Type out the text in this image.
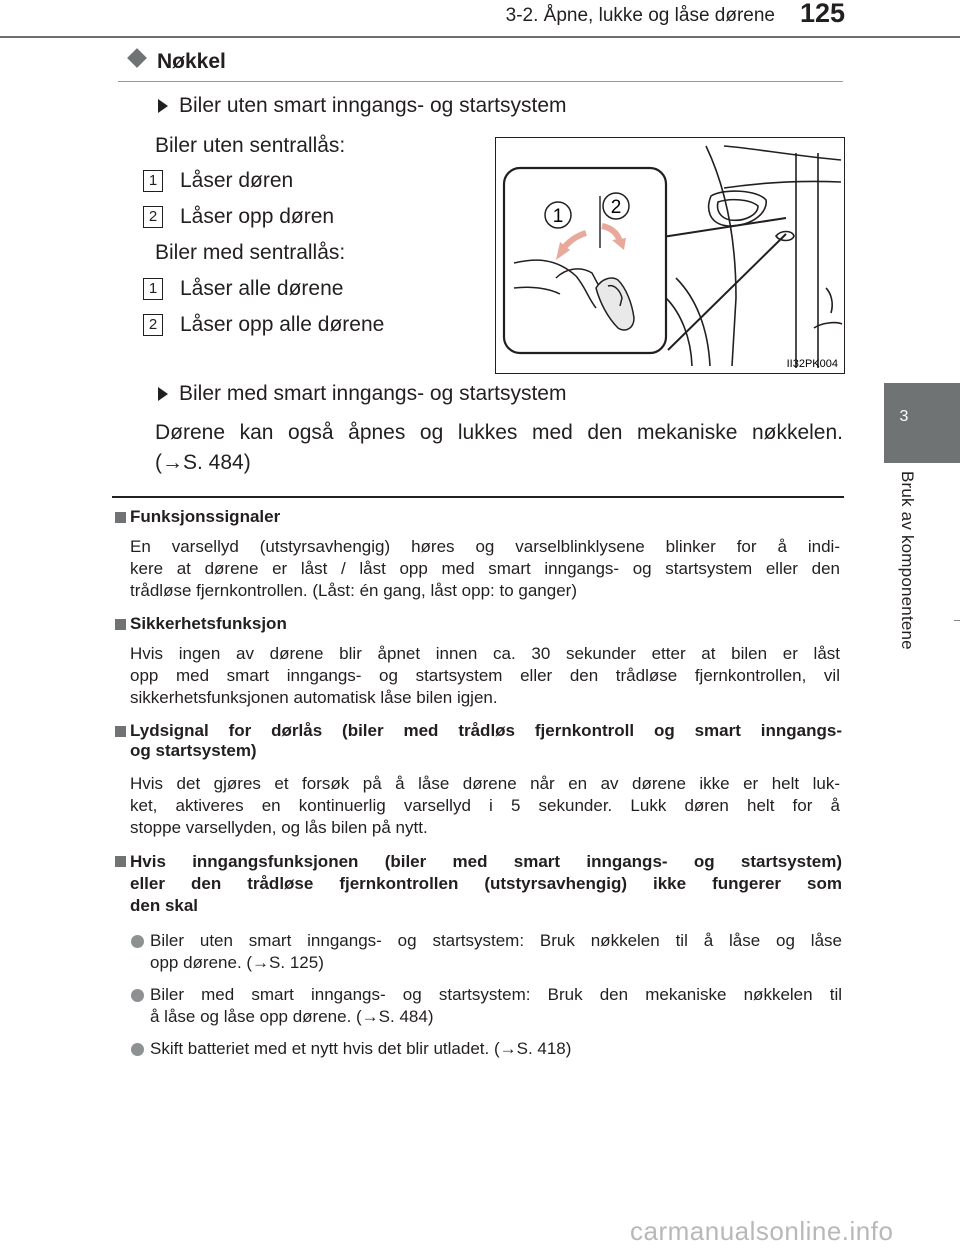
3-2. Åpne, lukke og låse dørene 125
3
Bruk av komponentene
Nøkkel
Biler uten smart inngangs- og startsystem
Biler uten sentrallås:
1 Låser døren
2 Låser opp døren
Biler med sentrallås:
1 Låser alle dørene
2 Låser opp alle dørene
1 2
II32PK004
Biler med smart inngangs- og startsystem
Dørene kan også åpnes og lukkes med den mekaniske nøkkelen.
(→S. 484)
Funksjonssignaler
En varsellyd (utstyrsavhengig) høres og varselblinklysene blinker for å indi-
kere at dørene er låst / låst opp med smart inngangs- og startsystem eller den
trådløse fjernkontrollen. (Låst: én gang, låst opp: to ganger)
Sikkerhetsfunksjon
Hvis ingen av dørene blir åpnet innen ca. 30 sekunder etter at bilen er låst
opp med smart inngangs- og startsystem eller den trådløse fjernkontrollen, vil
sikkerhetsfunksjonen automatisk låse bilen igjen.
Lydsignal for dørlås (biler med trådløs fjernkontroll og smart inngangs-
og startsystem)
Hvis det gjøres et forsøk på å låse dørene når en av dørene ikke er helt luk-
ket, aktiveres en kontinuerlig varsellyd i 5 sekunder. Lukk døren helt for å
stoppe varsellyden, og lås bilen på nytt.
Hvis inngangsfunksjonen (biler med smart inngangs- og startsystem)
eller den trådløse fjernkontrollen (utstyrsavhengig) ikke fungerer som
den skal
Biler uten smart inngangs- og startsystem: Bruk nøkkelen til å låse og låse
opp dørene. (→S. 125)
Biler med smart inngangs- og startsystem: Bruk den mekaniske nøkkelen til
å låse og låse opp dørene. (→S. 484)
Skift batteriet med et nytt hvis det blir utladet. (→S. 418)
carmanualsonline.info
